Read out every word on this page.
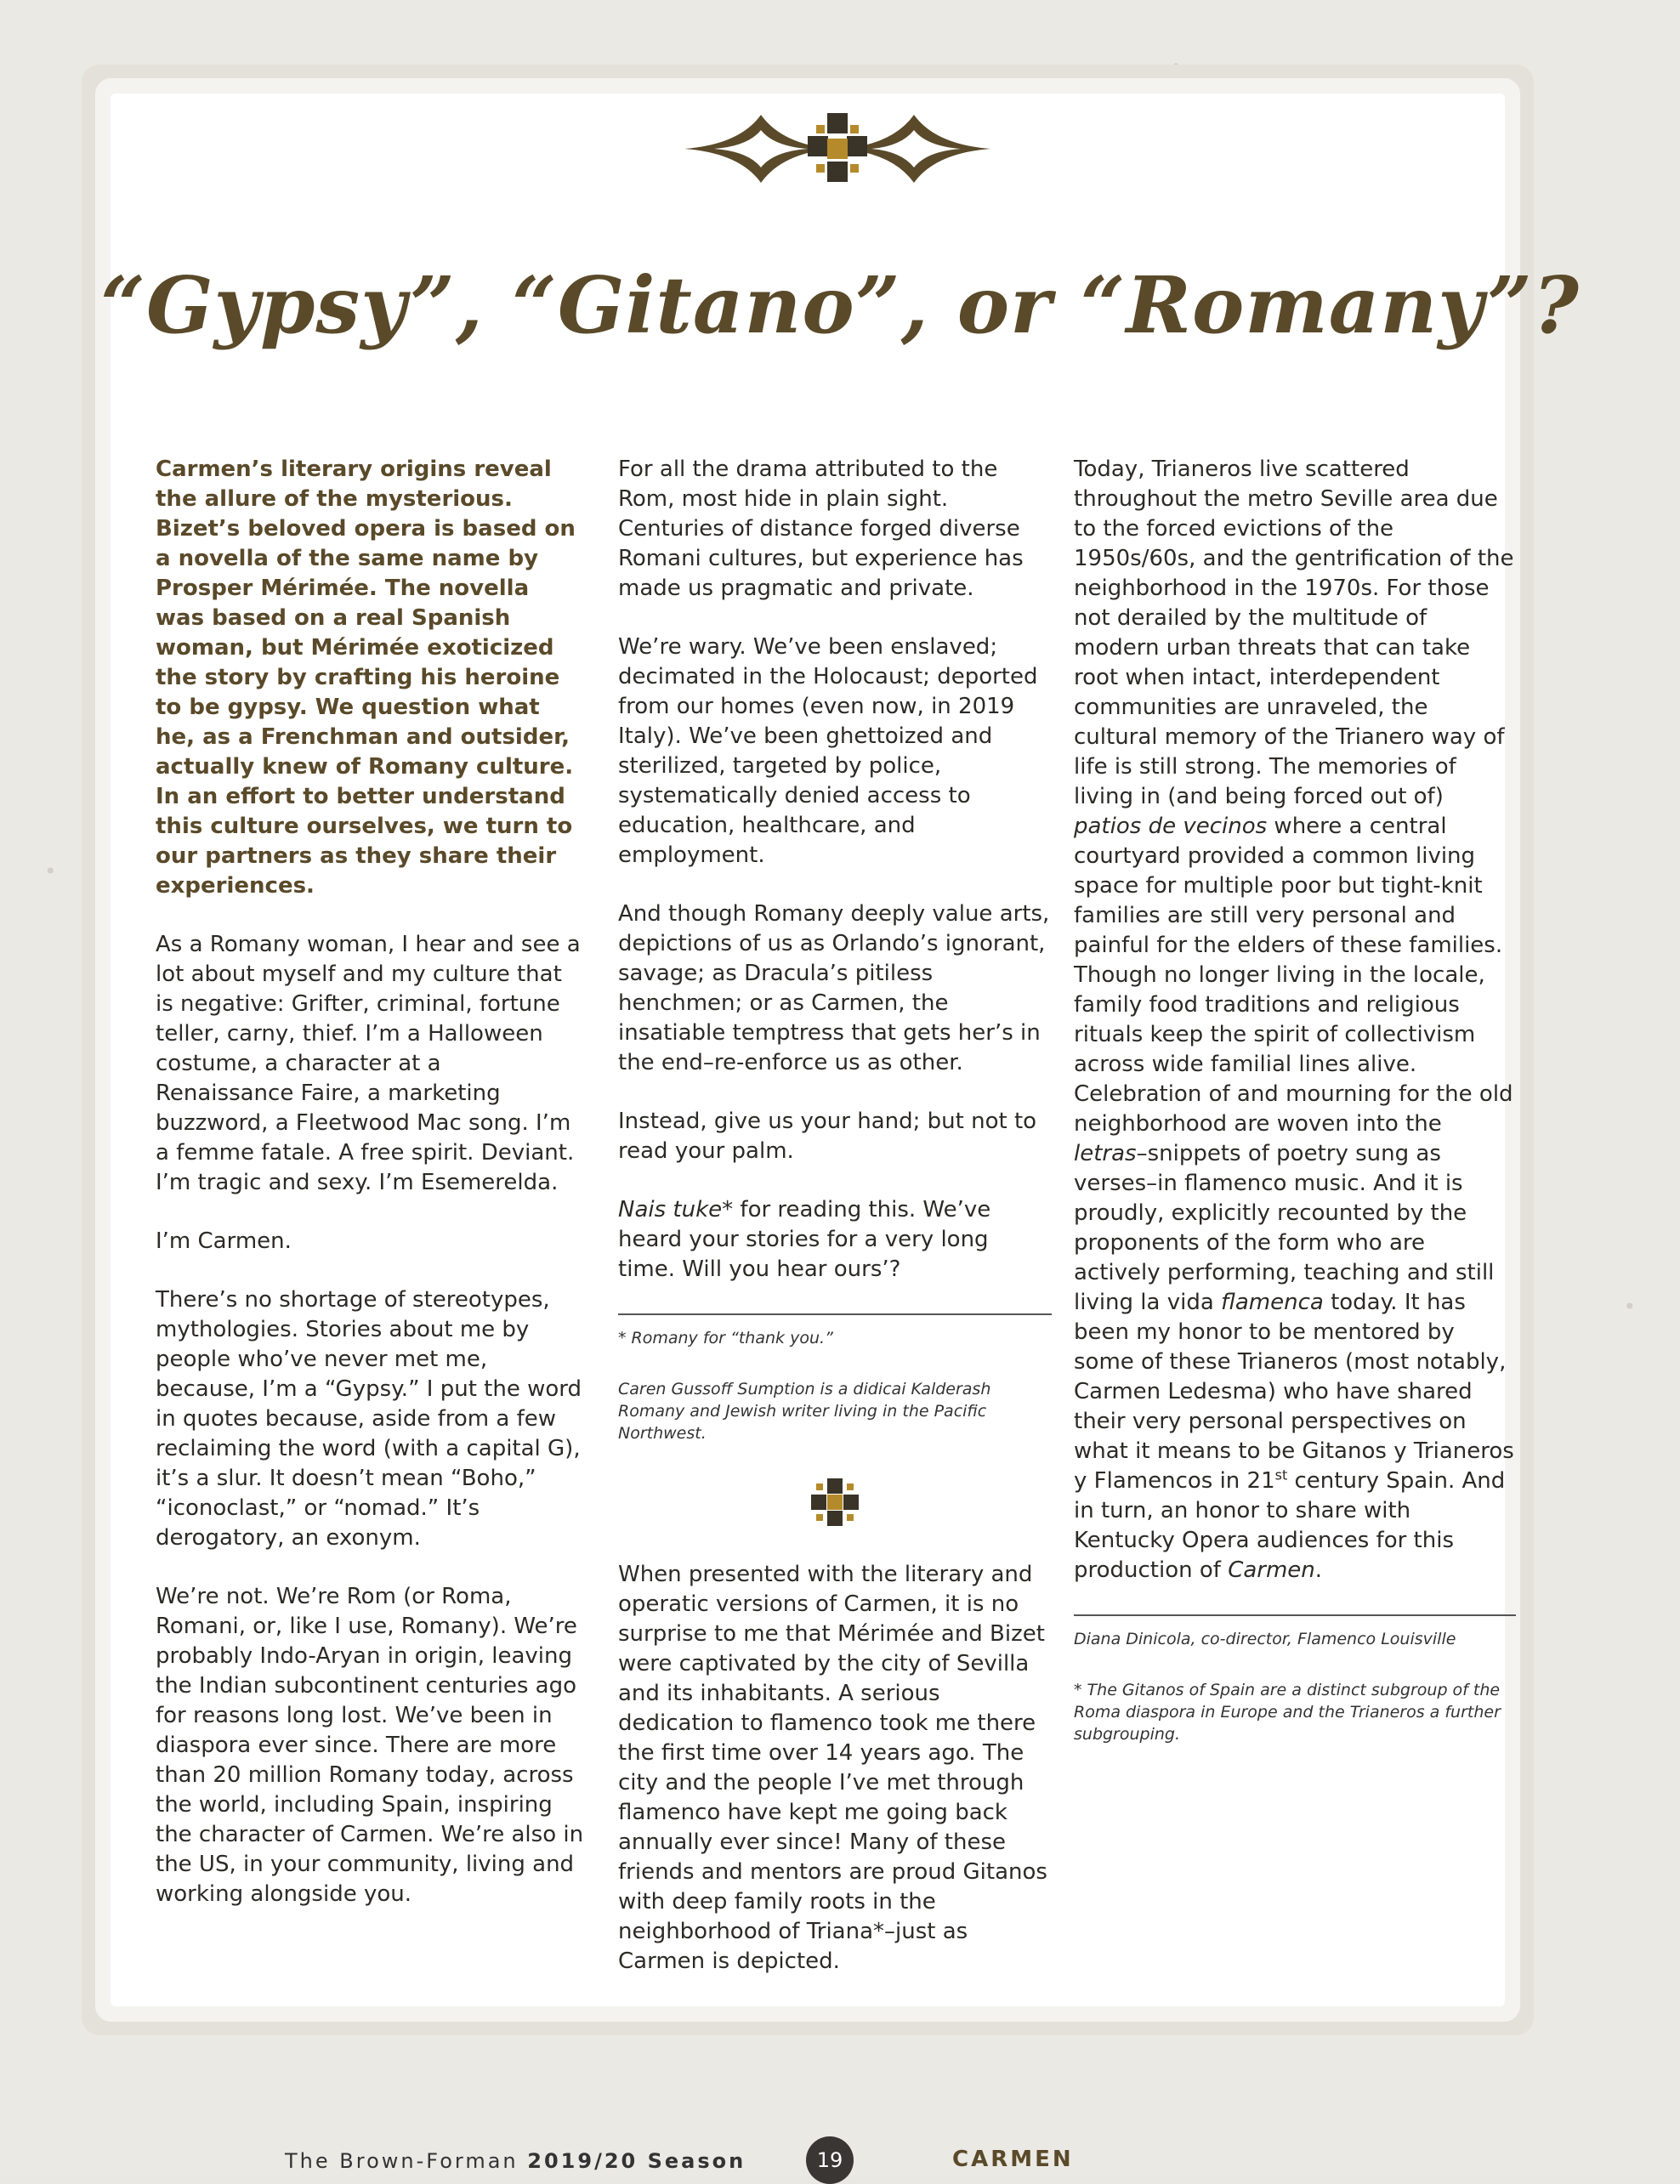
“Gypsy”, “Gitano”, or “Romany”?

Carmen’s literary origins reveal the allure of the mysterious. Bizet’s beloved opera is based on a novella of the same name by Prosper Mérimée. The novella was based on a real Spanish woman, but Mérimée exoticized the story by crafting his heroine to be gypsy. We question what he, as a Frenchman and outsider, actually knew of Romany culture. In an effort to better understand this culture ourselves, we turn to our partners as they share their experiences.

As a Romany woman, I hear and see a lot about myself and my culture that is negative: Grifter, criminal, fortune teller, carny, thief. I’m a Halloween costume, a character at a Renaissance Faire, a marketing buzzword, a Fleetwood Mac song. I’m a femme fatale. A free spirit. Deviant. I’m tragic and sexy. I’m Esemerelda.

I’m Carmen.

There’s no shortage of stereotypes, mythologies. Stories about me by people who’ve never met me, because, I’m a “Gypsy.” I put the word in quotes because, aside from a few reclaiming the word (with a capital G), it’s a slur. It doesn’t mean “Boho,” “iconoclast,” or “nomad.” It’s derogatory, an exonym.

We’re not. We’re Rom (or Roma, Romani, or, like I use, Romany). We’re probably Indo-Aryan in origin, leaving the Indian subcontinent centuries ago for reasons long lost. We’ve been in diaspora ever since. There are more than 20 million Romany today, across the world, including Spain, inspiring the character of Carmen. We’re also in the US, in your community, living and working alongside you.

For all the drama attributed to the Rom, most hide in plain sight. Centuries of distance forged diverse Romani cultures, but experience has made us pragmatic and private.

We’re wary. We’ve been enslaved; decimated in the Holocaust; deported from our homes (even now, in 2019 Italy). We’ve been ghettoized and sterilized, targeted by police, systematically denied access to education, healthcare, and employment.

And though Romany deeply value arts, depictions of us as Orlando’s ignorant, savage; as Dracula’s pitiless henchmen; or as Carmen, the insatiable temptress that gets her’s in the end–re-enforce us as other.

Instead, give us your hand; but not to read your palm.

Nais tuke* for reading this. We’ve heard your stories for a very long time. Will you hear ours’?

* Romany for “thank you.”

Caren Gussoff Sumption is a didicai Kalderash Romany and Jewish writer living in the Pacific Northwest.

When presented with the literary and operatic versions of Carmen, it is no surprise to me that Mérimée and Bizet were captivated by the city of Sevilla and its inhabitants. A serious dedication to flamenco took me there the first time over 14 years ago. The city and the people I’ve met through flamenco have kept me going back annually ever since! Many of these friends and mentors are proud Gitanos with deep family roots in the neighborhood of Triana*–just as Carmen is depicted.

Today, Trianeros live scattered throughout the metro Seville area due to the forced evictions of the 1950s/60s, and the gentrification of the neighborhood in the 1970s. For those not derailed by the multitude of modern urban threats that can take root when intact, interdependent communities are unraveled, the cultural memory of the Trianero way of life is still strong. The memories of living in (and being forced out of) patios de vecinos where a central courtyard provided a common living space for multiple poor but tight-knit families are still very personal and painful for the elders of these families. Though no longer living in the locale, family food traditions and religious rituals keep the spirit of collectivism across wide familial lines alive. Celebration of and mourning for the old neighborhood are woven into the letras–snippets of poetry sung as verses–in flamenco music. And it is proudly, explicitly recounted by the proponents of the form who are actively performing, teaching and still living la vida flamenca today. It has been my honor to be mentored by some of these Trianeros (most notably, Carmen Ledesma) who have shared their very personal perspectives on what it means to be Gitanos y Trianeros y Flamencos in 21st century Spain. And in turn, an honor to share with Kentucky Opera audiences for this production of Carmen.

Diana Dinicola, co-director, Flamenco Louisville

* The Gitanos of Spain are a distinct subgroup of the Roma diaspora in Europe and the Trianeros a further subgrouping.

The Brown-Forman 2019/20 Season	19	CARMEN
